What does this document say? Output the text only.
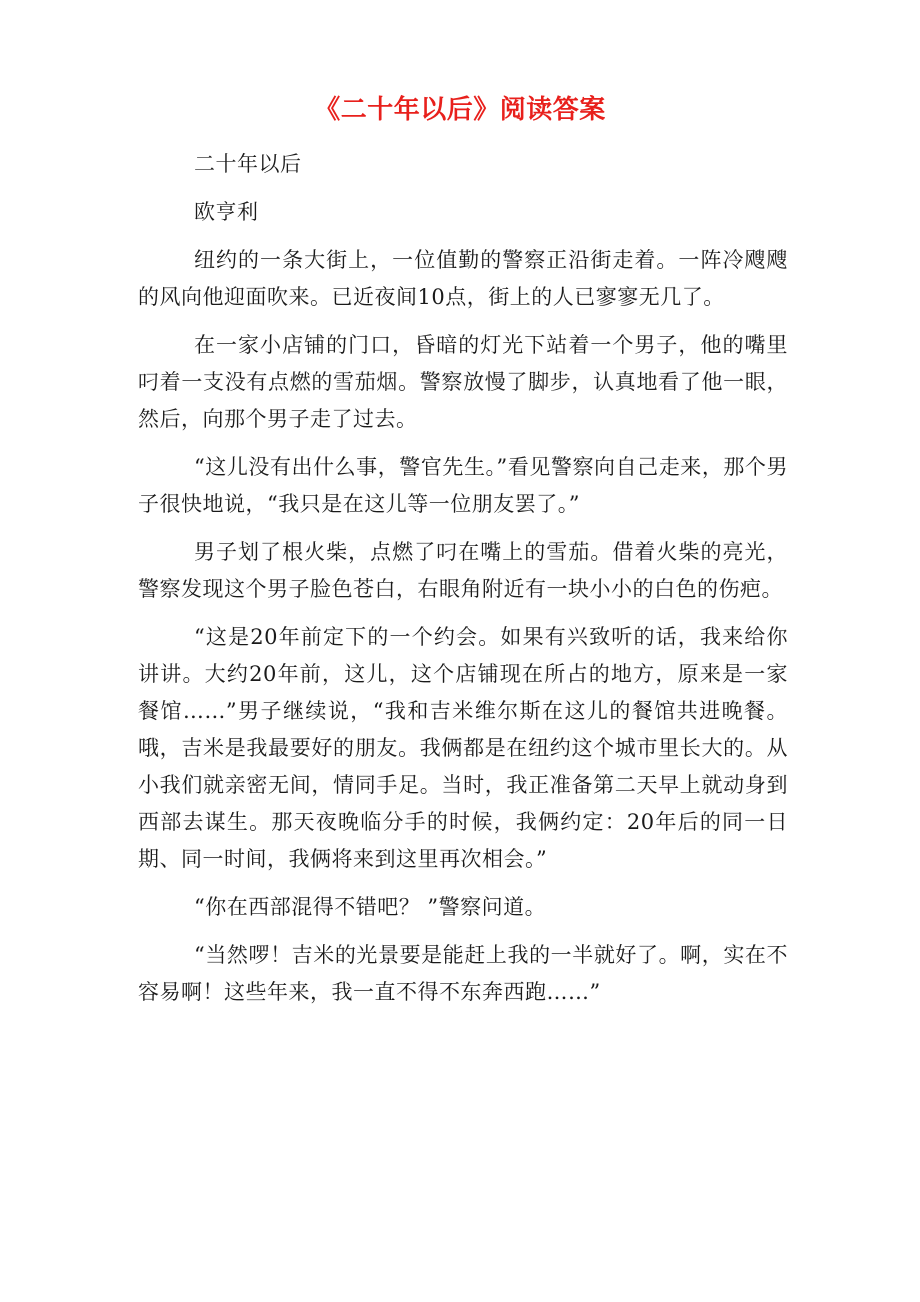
《二十年以后》阅读答案

二十年以后

欧亨利

纽约的一条大街上，一位值勤的警察正沿街走着。一阵冷飕飕的风向他迎面吹来。已近夜间10点，街上的人已寥寥无几了。

在一家小店铺的门口，昏暗的灯光下站着一个男子，他的嘴里叼着一支没有点燃的雪茄烟。警察放慢了脚步，认真地看了他一眼，然后，向那个男子走了过去。

“这儿没有出什么事，警官先生。”看见警察向自己走来，那个男子很快地说，“我只是在这儿等一位朋友罢了。”

男子划了根火柴，点燃了叼在嘴上的雪茄。借着火柴的亮光，警察发现这个男子脸色苍白，右眼角附近有一块小小的白色的伤疤。

“这是20年前定下的一个约会。如果有兴致听的话，我来给你讲讲。大约20年前，这儿，这个店铺现在所占的地方，原来是一家 餐馆……”男子继续说，“我和吉米维尔斯在这儿的餐馆共进晚餐。 哦，吉米是我最要好的朋友。我俩都是在纽约这个城市里长大的。从 小我们就亲密无间，情同手足。当时，我正准备第二天早上就动身到 西部去谋生。那天夜晚临分手的时候，我俩约定：20年后的同一日 期、同一时间，我俩将来到这里再次相会。”

“你在西部混得不错吧？ ”警察问道。

“当然啰！吉米的光景要是能赶上我的一半就好了。啊，实在不容易啊！这些年来，我一直不得不东奔西跑……”
